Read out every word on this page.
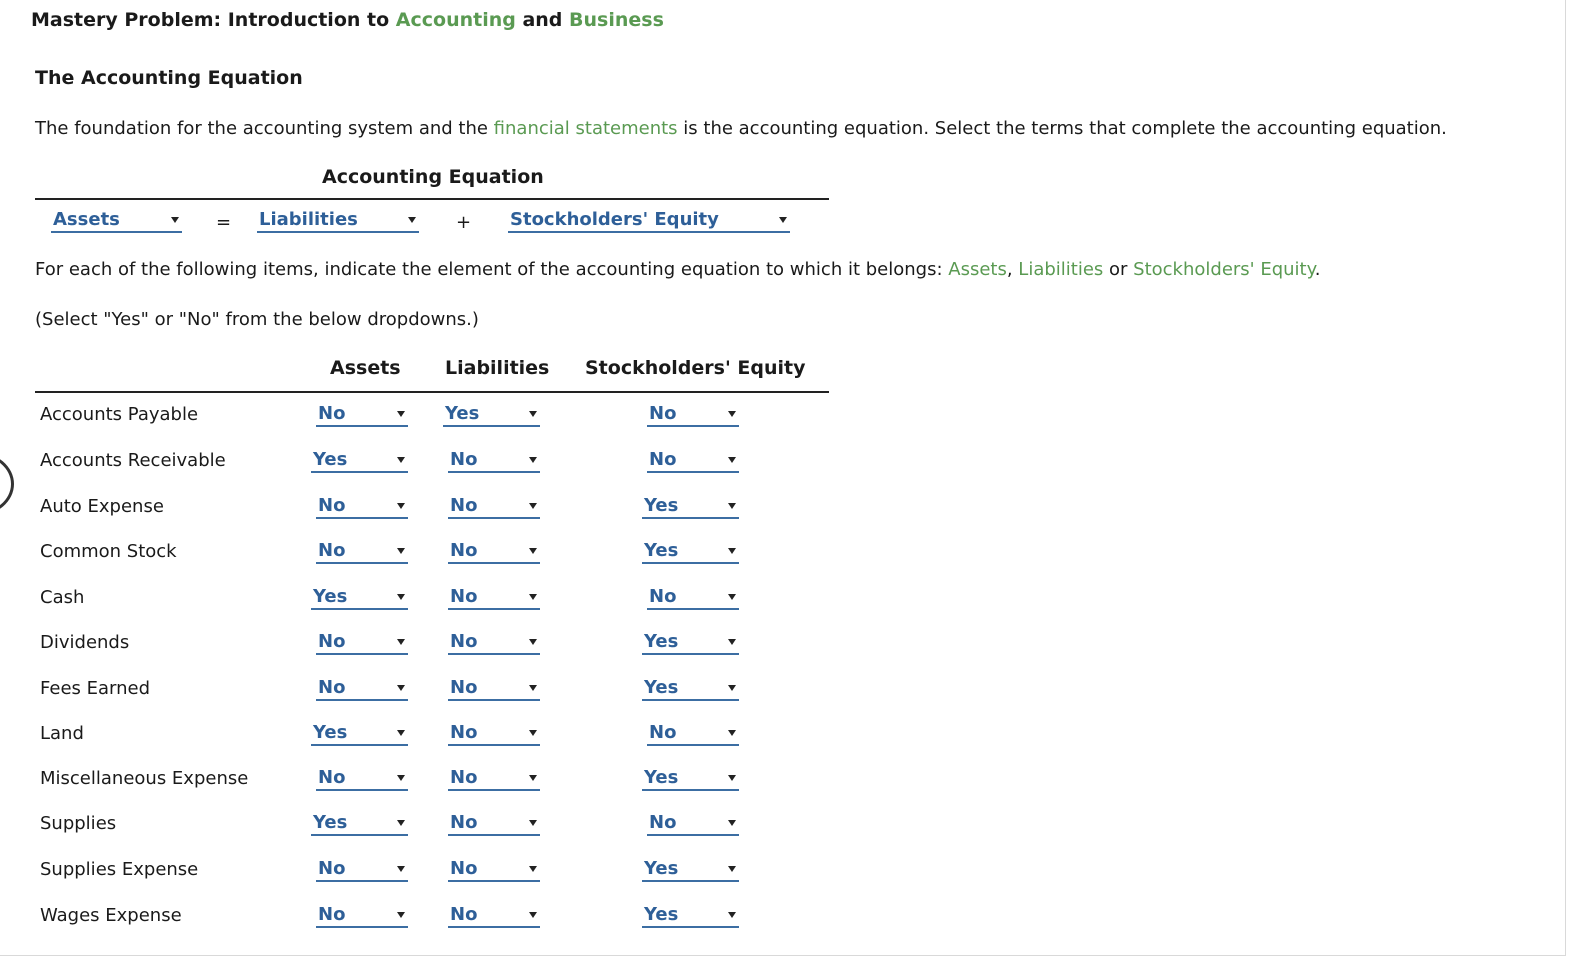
Mastery Problem: Introduction to Accounting and Business
The Accounting Equation
The foundation for the accounting system and the financial statements is the accounting equation. Select the terms that complete the accounting equation.
Accounting Equation
Assets	= Liabilities	+ Stockholders' Equity
For each of the following items, indicate the element of the accounting equation to which it belongs: Assets, Liabilities or Stockholders' Equity.
(Select "Yes" or "No" from the below dropdowns.)
Assets Liabilities Stockholders' Equity
Accounts Payable	No	Yes	No
Accounts Receivable	Yes	No	No
Auto Expense	No	No	Yes
Common Stock	No	No	Yes
Cash	Yes	No	No
Dividends	No	No	Yes
Fees Earned	No	No	Yes
Land	Yes	No	No
Miscellaneous Expense	No	No	Yes
Supplies	Yes	No	No
Supplies Expense	No	No	Yes
Wages Expense	No	No	Yes
